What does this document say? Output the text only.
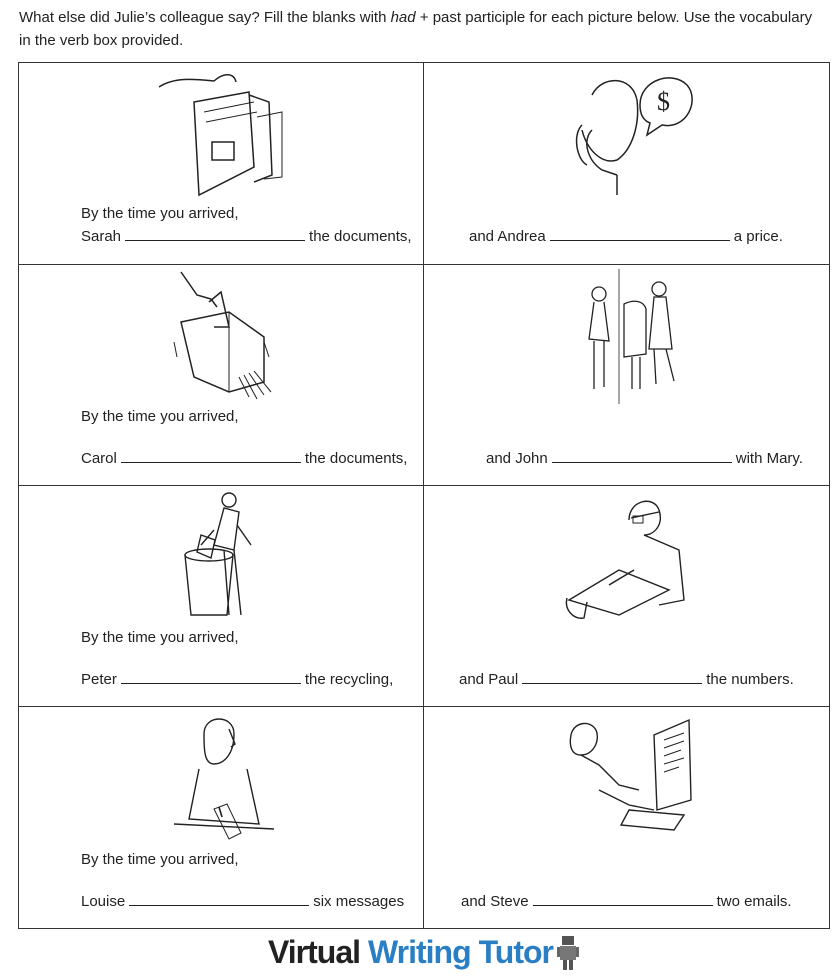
What else did Julie’s colleague say? Fill the blanks with had + past participle for each picture below. Use the vocabulary in the verb box provided.
By the time you arrived,
Sarah	the documents,
$
and Andrea	a price.
By the time you arrived,
Carol	the documents,	and John	with Mary.
By the time you arrived,
Peter	the recycling,	and Paul	the numbers.
By the time you arrived,
Louise	six messages	and Steve	two emails.
Virtual Writing Tutor
